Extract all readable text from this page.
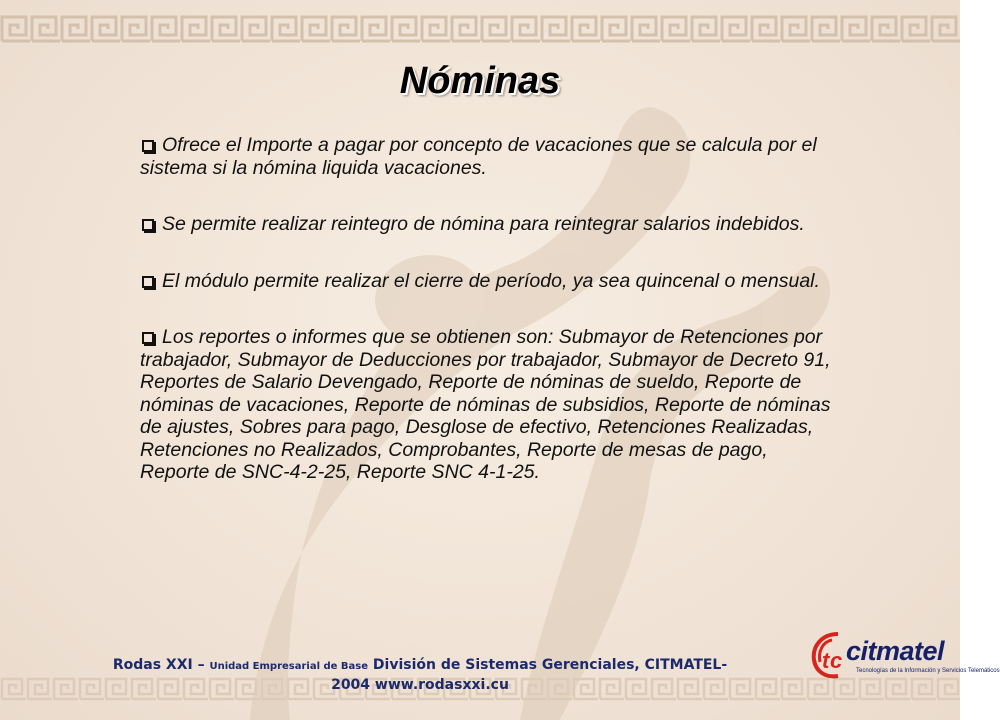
Nóminas
Ofrece el Importe a pagar por concepto de vacaciones que se calcula por el sistema si la nómina liquida vacaciones.
Se permite realizar reintegro de nómina para reintegrar salarios indebidos.
El módulo permite realizar el cierre de período, ya sea quincenal o mensual.
Los reportes o informes que se obtienen son: Submayor de Retenciones por trabajador, Submayor de Deducciones por trabajador, Submayor de Decreto 91, Reportes de Salario Devengado, Reporte de nóminas de sueldo, Reporte de nóminas de vacaciones, Reporte de nóminas de subsidios, Reporte de nóminas de ajustes, Sobres para pago, Desglose de efectivo, Retenciones Realizadas, Retenciones no Realizados, Comprobantes, Reporte de mesas de pago, Reporte de SNC-4-2-25, Reporte SNC 4-1-25.
Rodas XXI – Unidad Empresarial de Base División de Sistemas Gerenciales, CITMATEL-
2004 www.rodasxxi.cu
t c citmatel
Tecnologías de la Información y Servicios Telemáticos
